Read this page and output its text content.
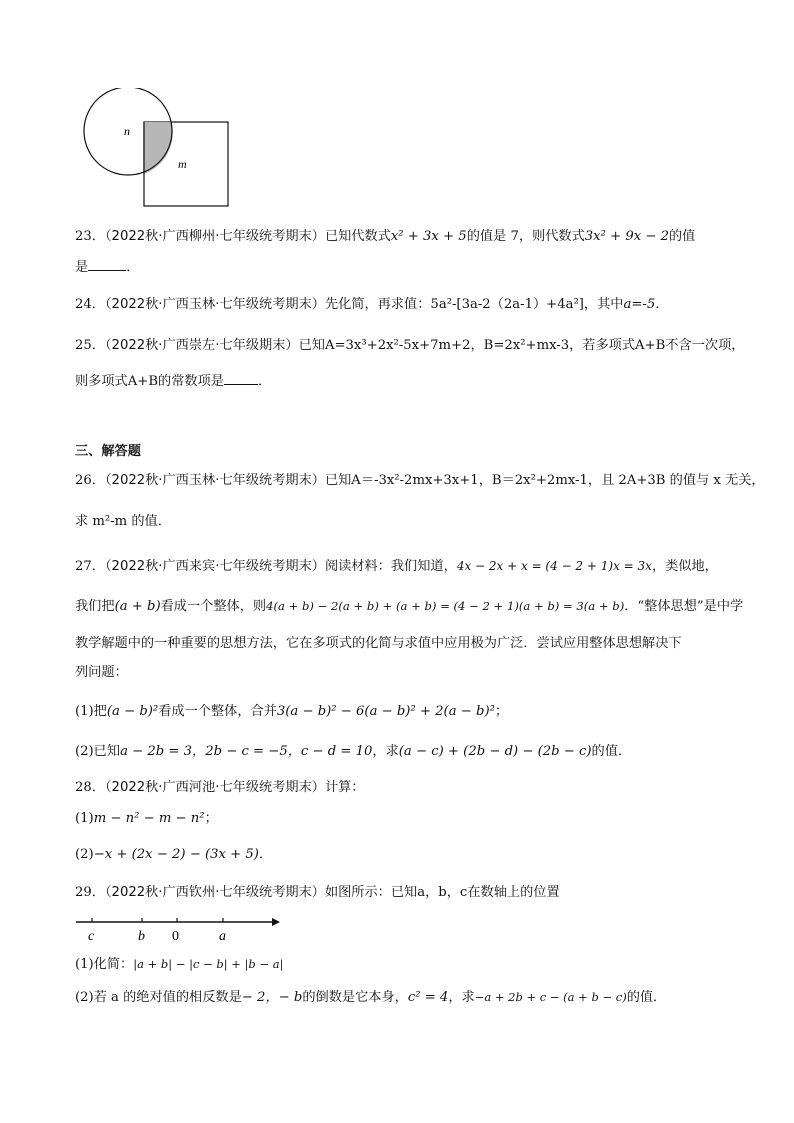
n
m
23．（2022秋·广西柳州·七年级统考期末）已知代数式x² + 3x + 5的值是 7，则代数式3x² + 9x − 2的值
是	．
24．（2022秋·广西玉林·七年级统考期末）先化简，再求值：5a²-[3a-2（2a-1）+4a²]，其中a=-5．
25．（2022秋·广西崇左·七年级期末）已知A=3x³+2x²-5x+7m+2，B=2x²+mx-3，若多项式A+B不含一次项，
则多项式A+B的常数项是	．
三、解答题
26．（2022秋·广西玉林·七年级统考期末）已知A＝-3x²-2mx+3x+1，B＝2x²+2mx-1，且 2A+3B 的值与 x 无关，
求 m²-m 的值．
27．（2022秋·广西来宾·七年级统考期末）阅读材料：我们知道，4x − 2x + x = (4 − 2 + 1)x = 3x，类似地，
我们把(a + b)看成一个整体，则4(a + b) − 2(a + b) + (a + b) = (4 − 2 + 1)(a + b) = 3(a + b)．“整体思想”是中学
教学解题中的一种重要的思想方法，它在多项式的化简与求值中应用极为广泛．尝试应用整体思想解决下
列问题：
(1)把(a − b)²看成一个整体，合并3(a − b)² − 6(a − b)² + 2(a − b)²；
(2)已知a − 2b = 3，2b − c = −5，c − d = 10，求(a − c) + (2b − d) − (2b − c)的值．
28．（2022秋·广西河池·七年级统考期末）计算：
(1)m − n² − m − n²；
(2)−x + (2x − 2) − (3x + 5)．
29．（2022秋·广西钦州·七年级统考期末）如图所示：已知a，b，c在数轴上的位置
c	b 0	a
(1)化简：|a + b| − |c − b| + |b − a|
(2)若 a 的绝对值的相反数是− 2，− b的倒数是它本身，c² = 4，求−a + 2b + c − (a + b − c)的值．
